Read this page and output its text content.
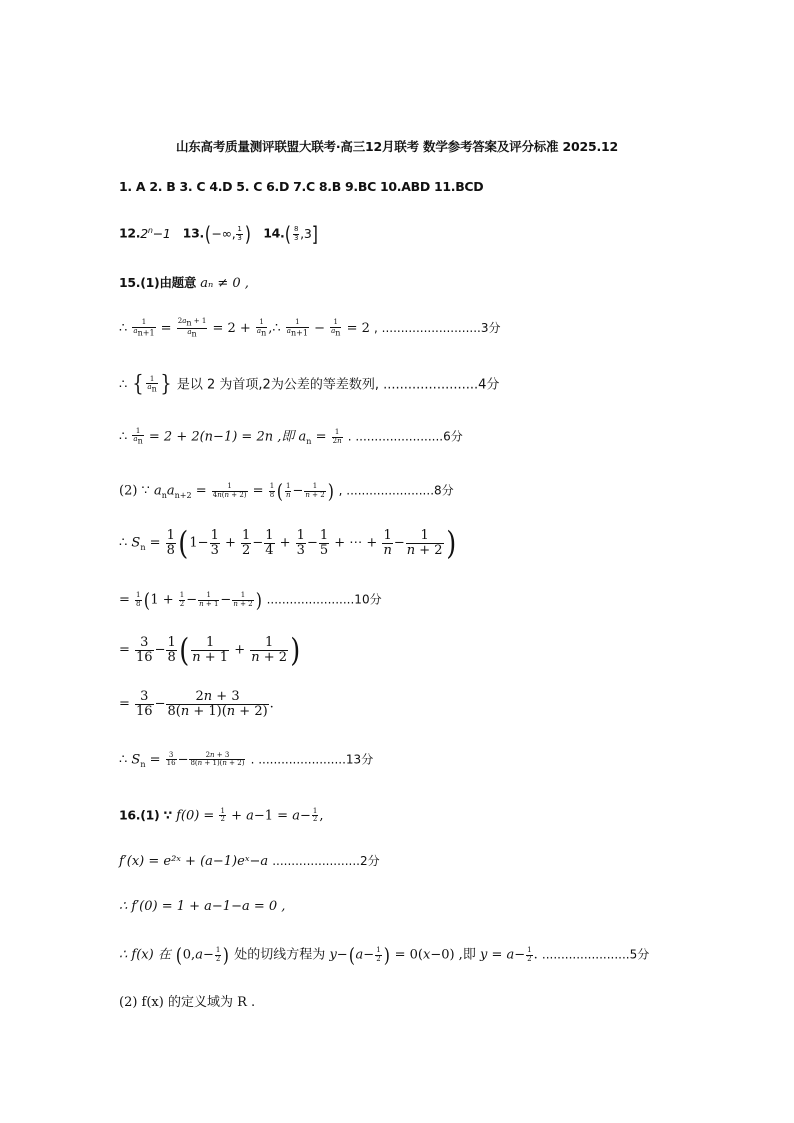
山东高考质量测评联盟大联考·高三12月联考 数学参考答案及评分标准 2025.12
1. A 2. B 3. C 4.D 5. C 6.D 7.C 8.B 9.BC 10.ABD 11.BCD
$12.2^n-1$ 13.(−∞, $\frac{1}{3}$ ) $14.( \frac{8}{3} ,3]$
15.(1)由题意 aₙ ≠ 0 ,
∴ $\frac{1}{a_{n+1}} = \frac{2a_n + 1}{a_n} = 2 + \frac{1}{a_n}$ ,∴ $\frac{1}{a_{n+1}} - \frac{1}{a_n} = 2$ , ..........................3分
∴ { $\frac{1}{a_n}$ } 是以 2 为首项,2为公差的等差数列, .......................4分
∴ $\frac{1}{a_n} = 2 + 2(n-1) = 2n$ ,即 $a_n = \frac{1}{2n}$ . .......................6分
(2) ∵ $a_na_{n+2} = \frac{1}{4n(n + 2)} = \frac{1}{8}$ ( $\frac{1}{n} - \frac{1}{n + 2}$ ) , .......................8分
∴ $S_n = \frac{1}{8} (1- \frac{1}{3} + \frac{1}{2} - \frac{1}{4} + \frac{1}{3} - \frac{1}{5}$ + ⋯ + $\frac{1}{n} - \frac{1}{n + 2}$ )
= $\frac{1}{8} (1 + \frac{1}{2} - \frac{1}{n + 1} - \frac{1}{n + 2}$ ) .......................10分
= $\frac{3}{16} - \frac{1}{8}$ ( $\frac{1}{n + 1} + \frac{1}{n + 2}$ )
= $\frac{3}{16} - \frac{2n + 3}{8(n + 1)(n + 2)}$ .
∴ $S_n = \frac{3}{16} - \frac{2n + 3}{8(n + 1)(n + 2)}$ . .......................13分
16.(1) ∵ $f(0) = \frac{1}{2} + a-1 = a- \frac{1}{2}$ ,
f′(x) = e²ˣ + (a−1)eˣ−a .......................2分
∴ f′(0) = 1 + a−1−a = 0 ,
∴ f(x) 在 ($0,a- \frac{1}{2}$ ) 处的切线方程为 $y-(a- \frac{1}{2}$ ) = 0(x−0) ,即 $y = a- \frac{1}{2}$ . .......................5分
(2) f(x) 的定义域为 R .
